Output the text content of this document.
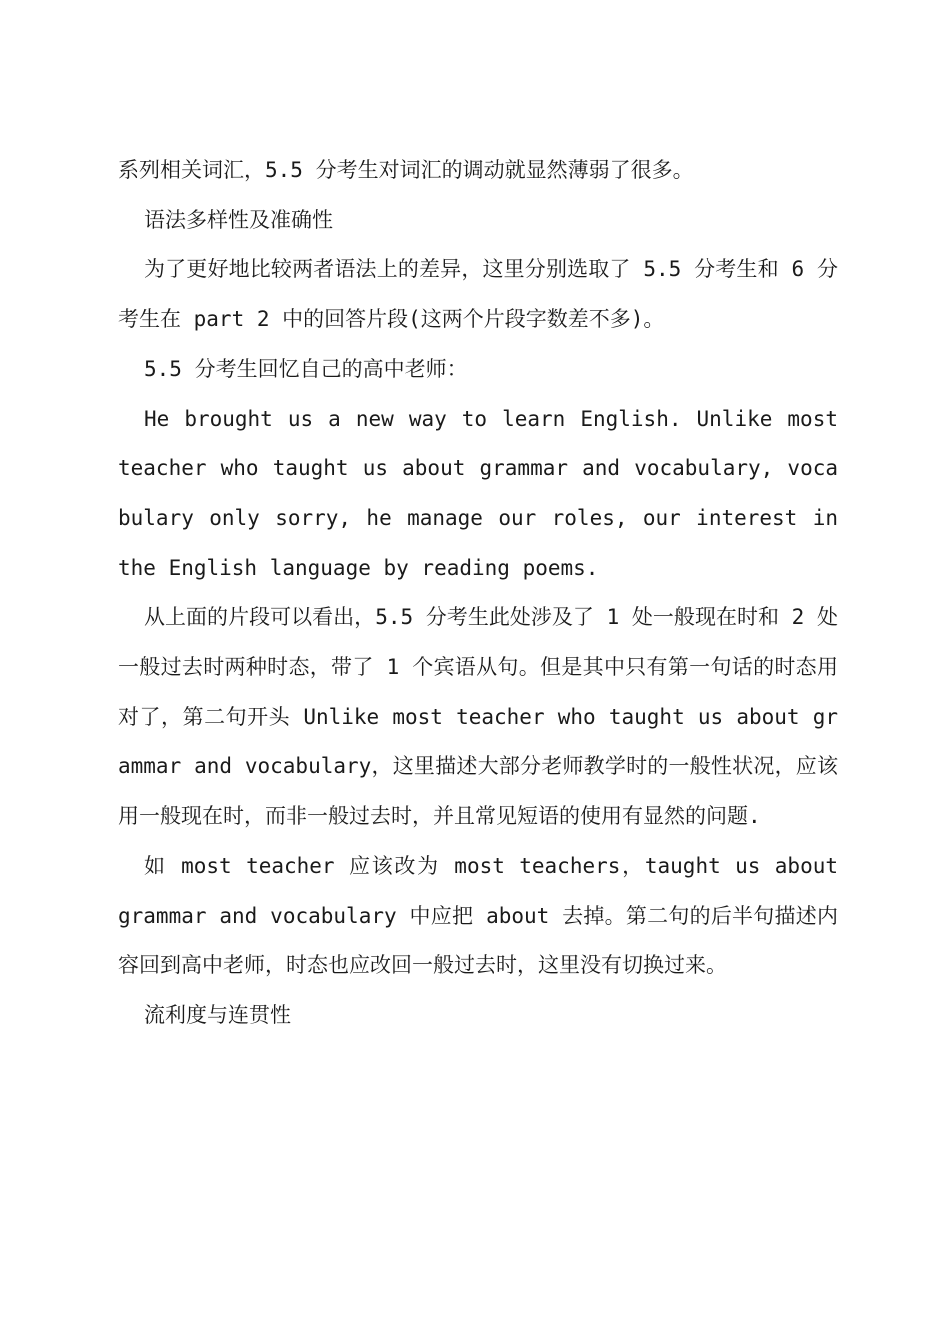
系列相关词汇，5.5 分考生对词汇的调动就显然薄弱了很多。

语法多样性及准确性

为了更好地比较两者语法上的差异，这里分别选取了 5.5 分考生和 6 分考生在 part 2 中的回答片段(这两个片段字数差不多)。

5.5 分考生回忆自己的高中老师：

He brought us a new way to learn English. Unlike most teacher who taught us about grammar and vocabulary, vocabulary only sorry, he manage our roles, our interest in the English language by reading poems.

从上面的片段可以看出，5.5 分考生此处涉及了 1 处一般现在时和 2 处一般过去时两种时态，带了 1 个宾语从句。但是其中只有第一句话的时态用对了，第二句开头 Unlike most teacher who taught us about grammar and vocabulary，这里描述大部分老师教学时的一般性状况，应该用一般现在时，而非一般过去时，并且常见短语的使用有显然的问题.

如 most teacher 应该改为 most teachers，taught us about grammar and vocabulary 中应把 about 去掉。第二句的后半句描述内容回到高中老师，时态也应改回一般过去时，这里没有切换过来。

流利度与连贯性
